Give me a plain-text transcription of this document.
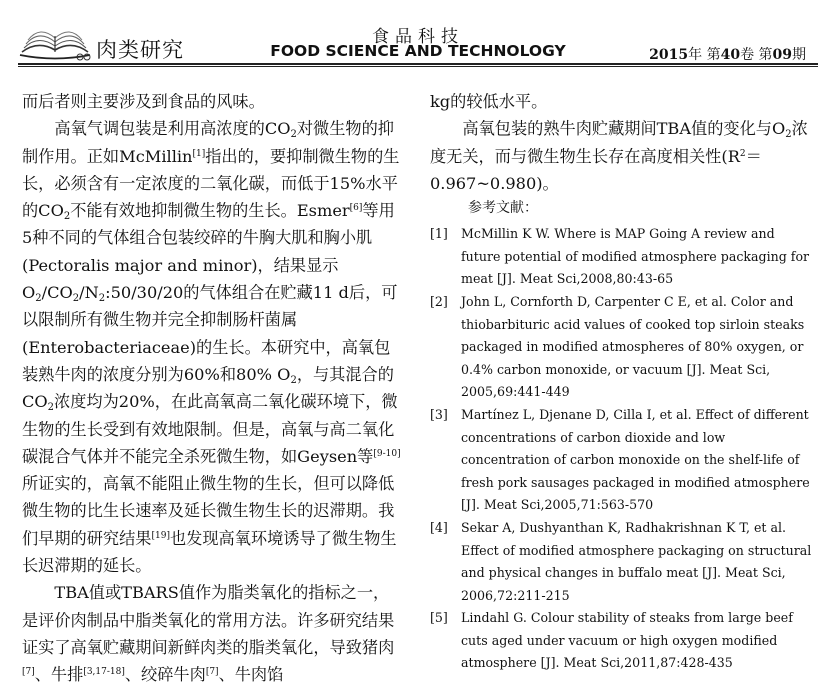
肉类研究
食品科技
FOOD SCIENCE AND TECHNOLOGY	2015年 第40卷 第09期

而后者则主要涉及到食品的风味。

高氧气调包装是利用高浓度的$CO_2$对微生物的抑制作用。正如McMillin[1]指出的，要抑制微生物的生长，必须含有一定浓度的二氧化碳，而低于15%水平的$CO_2$不能有效地抑制微生物的生长。Esmer[6]等用5种不同的气体组合包装绞碎的牛胸大肌和胸小肌(Pectoralis major and minor)，结果显示$O_2/CO_2/N_2:50/30/20$的气体组合在贮藏11 d后，可以限制所有微生物并完全抑制肠杆菌属(Enterobacteriaceae)的生长。本研究中，高氧包装熟牛肉的浓度分别为60%和80% $O_2$，与其混合的$CO_2$浓度均为20%，在此高氧高二氧化碳环境下，微生物的生长受到有效地限制。但是，高氧与高二氧化碳混合气体并不能完全杀死微生物，如Geysen等[9-10]所证实的，高氧不能阻止微生物的生长，但可以降低微生物的比生长速率及延长微生物生长的迟滞期。我们早期的研究结果[19]也发现高氧环境诱导了微生物生长迟滞期的延长。

TBA值或TBARS值作为脂类氧化的指标之一，是评价肉制品中脂类氧化的常用方法。许多研究结果证实了高氧贮藏期间新鲜肉类的脂类氧化，导致猪肉[7]、牛排[3,17-18]、绞碎牛肉[7]、牛肉馅

kg的较低水平。

高氧包装的熟牛肉贮藏期间TBA值的变化与$O_2$浓度无关，而与微生物生长存在高度相关性$(R^2=0.967\sim 0.980)$。

参考文献：

[1]	McMillin K W. Where is MAP Going A review and future potential of modified atmosphere packaging for meat [J]. Meat Sci,2008,80:43-65
[2]	John L, Cornforth D, Carpenter C E, et al. Color and thiobarbituric acid values of cooked top sirloin steaks packaged in modified atmospheres of 80% oxygen, or 0.4% carbon monoxide, or vacuum [J]. Meat Sci, 2005,69:441-449
[3]	Martínez L, Djenane D, Cilla I, et al. Effect of different concentrations of carbon dioxide and low concentration of carbon monoxide on the shelf-life of fresh pork sausages packaged in modified atmosphere [J]. Meat Sci,2005,71:563-570
[4]	Sekar A, Dushyanthan K, Radhakrishnan K T, et al. Effect of modified atmosphere packaging on structural and physical changes in buffalo meat [J]. Meat Sci, 2006,72:211-215
[5]	Lindahl G. Colour stability of steaks from large beef cuts aged under vacuum or high oxygen modified atmosphere [J]. Meat Sci,2011,87:428-435
